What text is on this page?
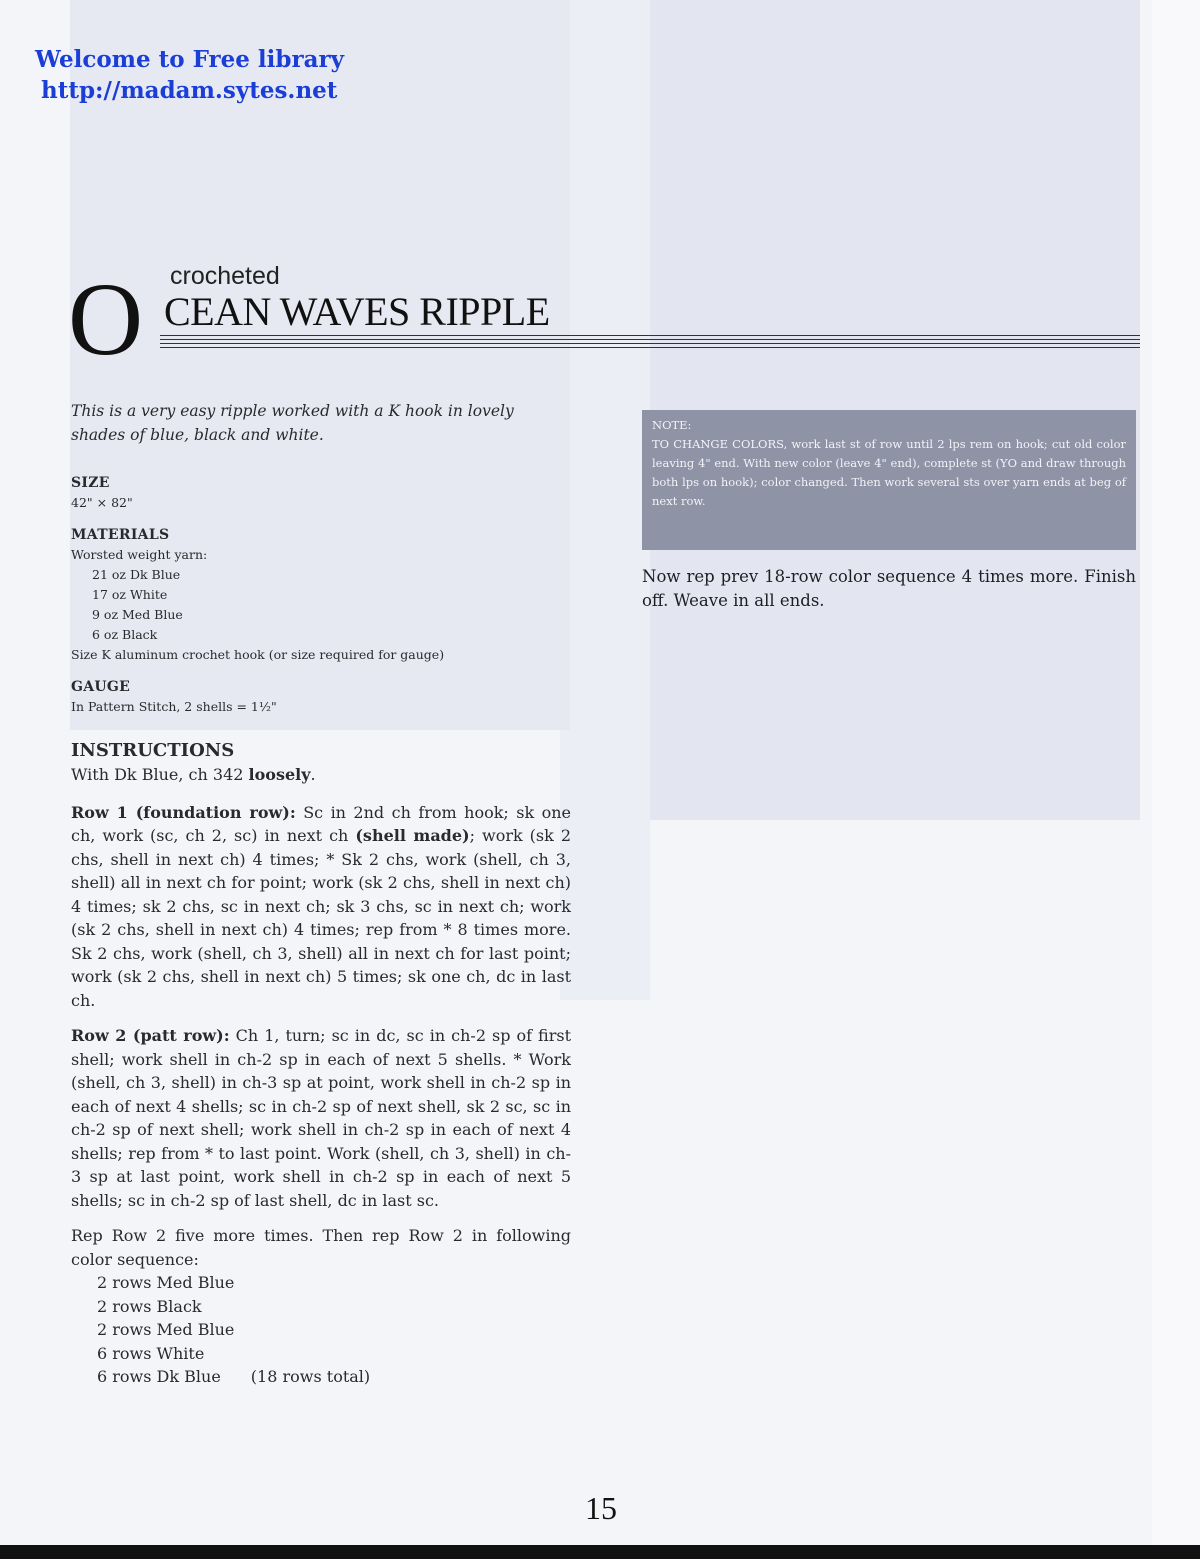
Welcome to Free library
http://madam.sytes.net
crocheted
O CEAN WAVES RIPPLE

This is a very easy ripple worked with a K hook in lovely shades of blue, black and white.

SIZE

42" × 82"

MATERIALS

Worsted weight yarn:

21 oz Dk Blue

17 oz White

9 oz Med Blue

6 oz Black

Size K aluminum crochet hook (or size required for gauge)

GAUGE

In Pattern Stitch, 2 shells = 1½"

INSTRUCTIONS

With Dk Blue, ch 342 loosely.

Row 1 (foundation row): Sc in 2nd ch from hook; sk one ch, work (sc, ch 2, sc) in next ch (shell made); work (sk 2 chs, shell in next ch) 4 times; * Sk 2 chs, work (shell, ch 3, shell) all in next ch for point; work (sk 2 chs, shell in next ch) 4 times; sk 2 chs, sc in next ch; sk 3 chs, sc in next ch; work (sk 2 chs, shell in next ch) 4 times; rep from * 8 times more. Sk 2 chs, work (shell, ch 3, shell) all in next ch for last point; work (sk 2 chs, shell in next ch) 5 times; sk one ch, dc in last ch.

Row 2 (patt row): Ch 1, turn; sc in dc, sc in ch-2 sp of first shell; work shell in ch-2 sp in each of next 5 shells. * Work (shell, ch 3, shell) in ch-3 sp at point, work shell in ch-2 sp in each of next 4 shells; sc in ch-2 sp of next shell, sk 2 sc, sc in ch-2 sp of next shell; work shell in ch-2 sp in each of next 4 shells; rep from * to last point. Work (shell, ch 3, shell) in ch-3 sp at last point, work shell in ch-2 sp in each of next 5 shells; sc in ch-2 sp of last shell, dc in last sc.

Rep Row 2 five more times. Then rep Row 2 in following color sequence:

2 rows Med Blue
2 rows Black
2 rows Med Blue
6 rows White
6 rows Dk Blue (18 rows total)

NOTE:

TO CHANGE COLORS, work last st of row until 2 lps rem on hook; cut old color leaving 4" end. With new color (leave 4" end), complete st (YO and draw through both lps on hook); color changed. Then work several sts over yarn ends at beg of next row.

Now rep prev 18-row color sequence 4 times more. Finish off. Weave in all ends.

15
